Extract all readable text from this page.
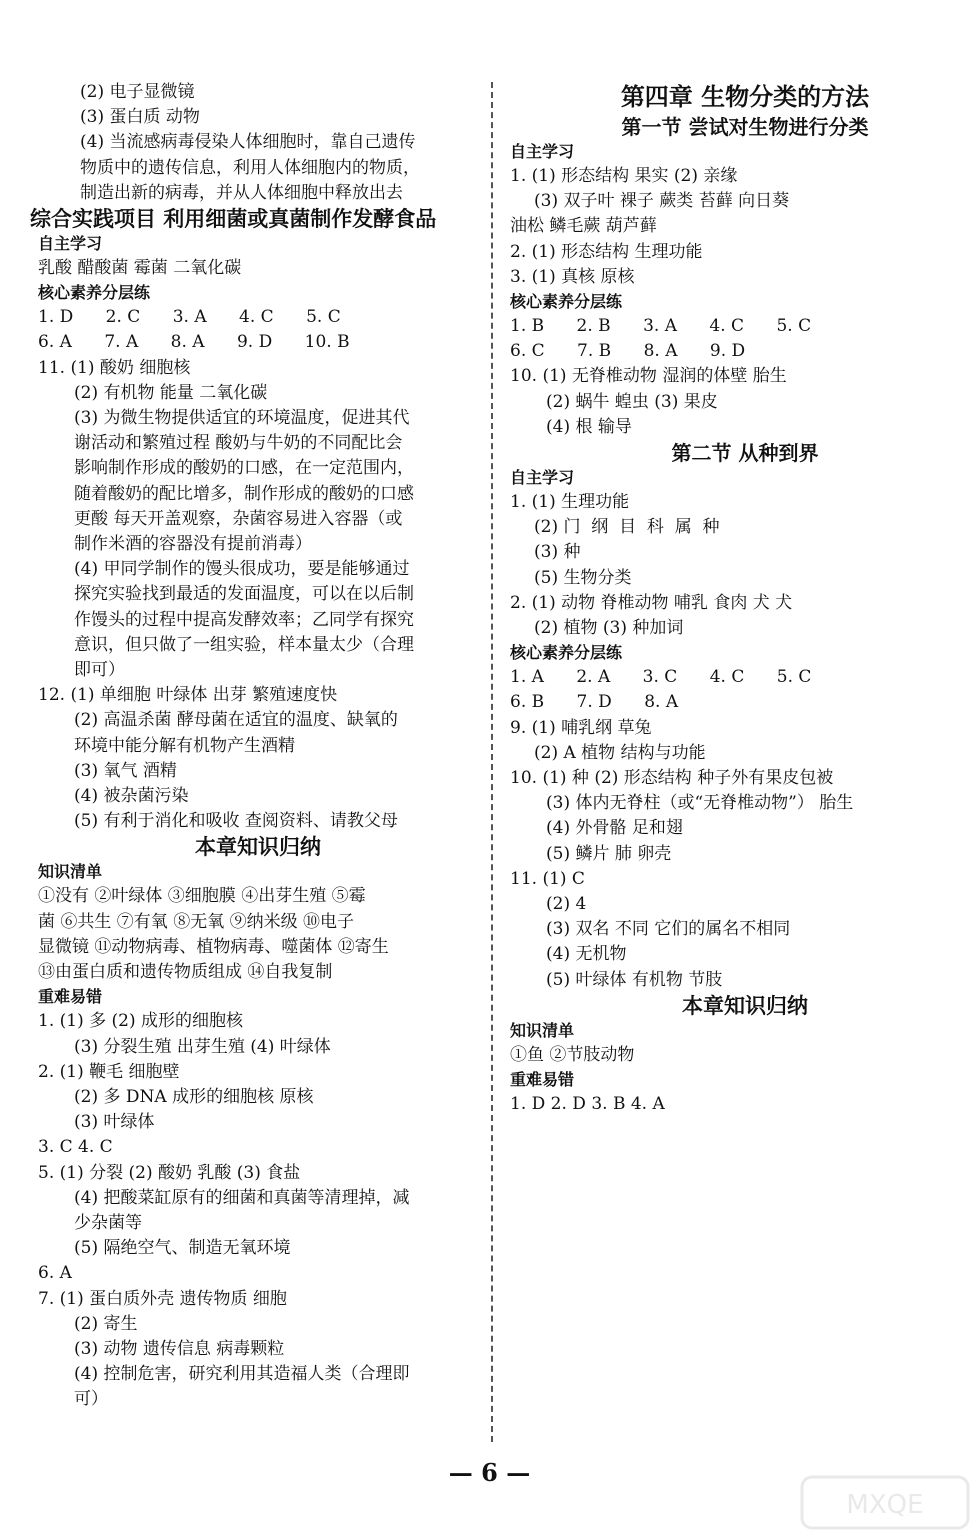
(2) 电子显微镜
(3) 蛋白质 动物
(4) 当流感病毒侵染人体细胞时，靠自己遗传
物质中的遗传信息，利用人体细胞内的物质，
制造出新的病毒，并从人体细胞中释放出去
综合实践项目 利用细菌或真菌制作发酵食品
自主学习
乳酸 醋酸菌 霉菌 二氧化碳
核心素养分层练
1. D      2. C      3. A      4. C      5. C
6. A      7. A      8. A      9. D      10. B
11. (1) 酸奶 细胞核
(2) 有机物 能量 二氧化碳
(3) 为微生物提供适宜的环境温度，促进其代
谢活动和繁殖过程 酸奶与牛奶的不同配比会
影响制作形成的酸奶的口感，在一定范围内，
随着酸奶的配比增多，制作形成的酸奶的口感
更酸 每天开盖观察，杂菌容易进入容器（或
制作米酒的容器没有提前消毒）
(4) 甲同学制作的馒头很成功，要是能够通过
探究实验找到最适的发面温度，可以在以后制
作馒头的过程中提高发酵效率；乙同学有探究
意识，但只做了一组实验，样本量太少（合理
即可）
12. (1) 单细胞 叶绿体 出芽 繁殖速度快
(2) 高温杀菌 酵母菌在适宜的温度、缺氧的
环境中能分解有机物产生酒精
(3) 氧气 酒精
(4) 被杂菌污染
(5) 有利于消化和吸收 查阅资料、请教父母
本章知识归纳
知识清单
①没有 ②叶绿体 ③细胞膜 ④出芽生殖 ⑤霉
菌 ⑥共生 ⑦有氧 ⑧无氧 ⑨纳米级 ⑩电子
显微镜 ⑪动物病毒、植物病毒、噬菌体 ⑫寄生
⑬由蛋白质和遗传物质组成 ⑭自我复制
重难易错
1. (1) 多 (2) 成形的细胞核
(3) 分裂生殖 出芽生殖 (4) 叶绿体
2. (1) 鞭毛 细胞壁
(2) 多 DNA 成形的细胞核 原核
(3) 叶绿体
3. C 4. C
5. (1) 分裂 (2) 酸奶 乳酸 (3) 食盐
(4) 把酸菜缸原有的细菌和真菌等清理掉，减
少杂菌等
(5) 隔绝空气、制造无氧环境
6. A
7. (1) 蛋白质外壳 遗传物质 细胞
(2) 寄生
(3) 动物 遗传信息 病毒颗粒
(4) 控制危害，研究利用其造福人类（合理即
可）
第四章 生物分类的方法
第一节 尝试对生物进行分类
自主学习
1. (1) 形态结构 果实 (2) 亲缘
(3) 双子叶 裸子 蕨类 苔藓 向日葵
油松 鳞毛蕨 葫芦藓
2. (1) 形态结构 生理功能
3. (1) 真核 原核
核心素养分层练
1. B      2. B      3. A      4. C      5. C
6. C      7. B      8. A      9. D
10. (1) 无脊椎动物 湿润的体壁 胎生
(2) 蜗牛 蝗虫 (3) 果皮
(4) 根 输导
第二节 从种到界
自主学习
1. (1) 生理功能
(2) 门  纲  目  科  属  种
(3) 种
(5) 生物分类
2. (1) 动物 脊椎动物 哺乳 食肉 犬 犬
(2) 植物 (3) 种加词
核心素养分层练
1. A      2. A      3. C      4. C      5. C
6. B      7. D      8. A
9. (1) 哺乳纲 草兔
(2) A 植物 结构与功能
10. (1) 种 (2) 形态结构 种子外有果皮包被
(3) 体内无脊柱（或“无脊椎动物”） 胎生
(4) 外骨骼 足和翅
(5) 鳞片 肺 卵壳
11. (1) C
(2) 4
(3) 双名 不同 它们的属名不相同
(4) 无机物
(5) 叶绿体 有机物 节肢
本章知识归纳
知识清单
①鱼 ②节肢动物
重难易错
1. D 2. D 3. B 4. A
— 6 —
MXQE
